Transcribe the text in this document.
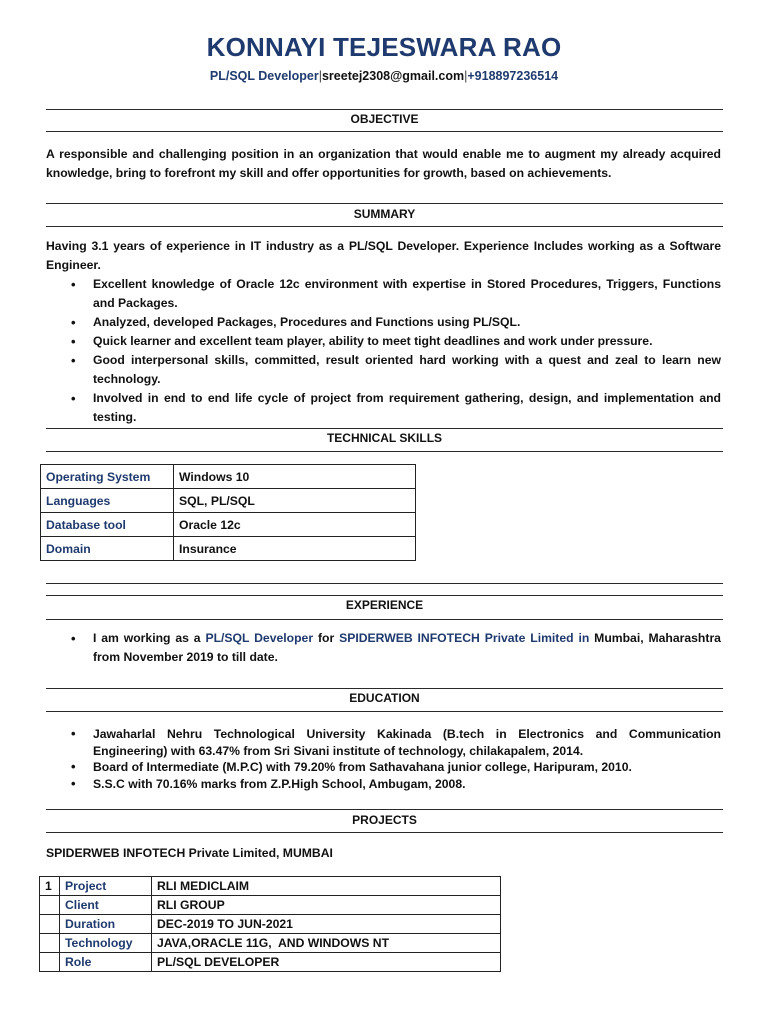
KONNAYI TEJESWARA RAO
PL/SQL Developer|sreetej2308@gmail.com|+918897236514
OBJECTIVE
A responsible and challenging position in an organization that would enable me to augment my already acquired knowledge, bring to forefront my skill and offer opportunities for growth, based on achievements.
SUMMARY
Having 3.1 years of experience in IT industry as a PL/SQL Developer. Experience Includes working as a Software Engineer.
• Excellent knowledge of Oracle 12c environment with expertise in Stored Procedures, Triggers, Functions and Packages.
• Analyzed, developed Packages, Procedures and Functions using PL/SQL.
• Quick learner and excellent team player, ability to meet tight deadlines and work under pressure.
• Good interpersonal skills, committed, result oriented hard working with a quest and zeal to learn new technology.
• Involved in end to end life cycle of project from requirement gathering, design, and implementation and testing.
TECHNICAL SKILLS
Operating System	Windows 10
Languages	SQL, PL/SQL
Database tool	Oracle 12c
Domain	Insurance
EXPERIENCE
• I am working as a PL/SQL Developer for SPIDERWEB INFOTECH Private Limited in Mumbai, Maharashtra from November 2019 to till date.
EDUCATION
• Jawaharlal Nehru Technological University Kakinada (B.tech in Electronics and Communication Engineering) with 63.47% from Sri Sivani institute of technology, chilakapalem, 2014.
• Board of Intermediate (M.P.C) with 79.20% from Sathavahana junior college, Haripuram, 2010.
• S.S.C with 70.16% marks from Z.P.High School, Ambugam, 2008.
PROJECTS
SPIDERWEB INFOTECH Private Limited, MUMBAI
1	Project	RLI MEDICLAIM
	Client	RLI GROUP
	Duration	DEC-2019 TO JUN-2021
	Technology	JAVA,ORACLE 11G,  AND WINDOWS NT
	Role	PL/SQL DEVELOPER
